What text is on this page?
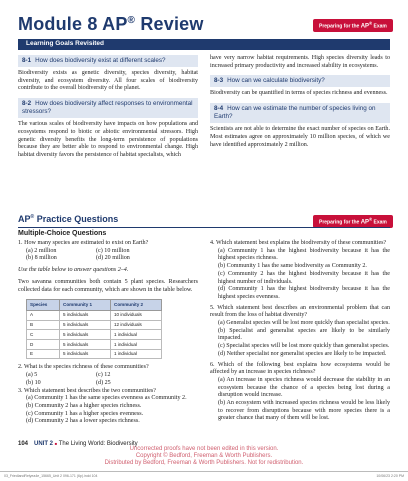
Module 8 AP® Review	Preparing for the AP® Exam
Learning Goals Revisited
8-1 How does biodiversity exist at different scales?
Biodiversity exists as genetic diversity, species diversity, habitat diversity, and ecosystem diversity. All four scales of biodiversity contribute to the overall biodiversity of the planet.
8-2 How does biodiversity affect responses to environmental stressors?
The various scales of biodiversity have impacts on how populations and ecosystems respond to biotic or abiotic environmental stressors. High genetic diversity benefits the long-term persistence of populations because they are better able to respond to environmental change. High habitat diversity favors the persistence of habitat specialists, which
have very narrow habitat requirements. High species diversity leads to increased primary productivity and increased stability in ecosystems.
8-3 How can we calculate biodiversity?
Biodiversity can be quantified in terms of species richness and evenness.
8-4 How can we estimate the number of species living on Earth?
Scientists are not able to determine the exact number of species on Earth. Most estimates agree on approximately 10 million species, of which we have identified approximately 2 million.
AP® Practice Questions	Preparing for the AP® Exam
Multiple-Choice Questions
1. How many species are estimated to exist on Earth?
(a) 2 million	(c) 10 million
(b) 8 million	(d) 20 million
Use the table below to answer questions 2–4.
Two savanna communities both contain 5 plant species. Researchers collected data for each community, which are shown in the table below.
Species	Community 1	Community 2
A	5 individuals	10 individuals
B	5 individuals	12 individuals
C	5 individuals	1 individual
D	5 individuals	1 individual
E	5 individuals	1 individual
2. What is the species richness of these communities?
(a) 5	(c) 12
(b) 10	(d) 25
3. Which statement best describes the two communities?
(a) Community 1 has the same species evenness as Community 2.
(b) Community 2 has a higher species richness.
(c) Community 1 has a higher species evenness.
(d) Community 2 has a lower species richness.
4. Which statement best explains the biodiversity of these communities?
(a) Community 1 has the highest biodiversity because it has the highest species richness.
(b) Community 1 has the same biodiversity as Community 2.
(c) Community 2 has the highest biodiversity because it has the highest number of individuals.
(d) Community 1 has the highest biodiversity because it has the highest species evenness.
5. Which statement best describes an environmental problem that can result from the loss of habitat diversity?
(a) Generalist species will be lost more quickly than specialist species.
(b) Specialist and generalist species are likely to be similarly impacted.
(c) Specialist species will be lost more quickly than generalist species.
(d) Neither specialist nor generalist species are likely to be impacted.
6. Which of the following best explains how ecosystems would be affected by an increase in species richness?
(a) An increase in species richness would decrease the stability in an ecosystem because the chance of a species being lost during a disruption would increase.
(b) An ecosystem with increased species richness would be less likely to recover from disruptions because with more species there is a greater chance that many of them will be lost.
104 UNIT 2 ■ The Living World: Biodiversity
Uncorrected proofs have not been edited in this version.
Copyright © Bedford, Freeman & Worth Publishers.
Distributed by Bedford, Freeman & Worth Publishers. Not for redistribution.
03_FriedlandRelyea4e_15665_Unit 2 096-171 (6p).indd 104	10/06/23 2:20 PM
